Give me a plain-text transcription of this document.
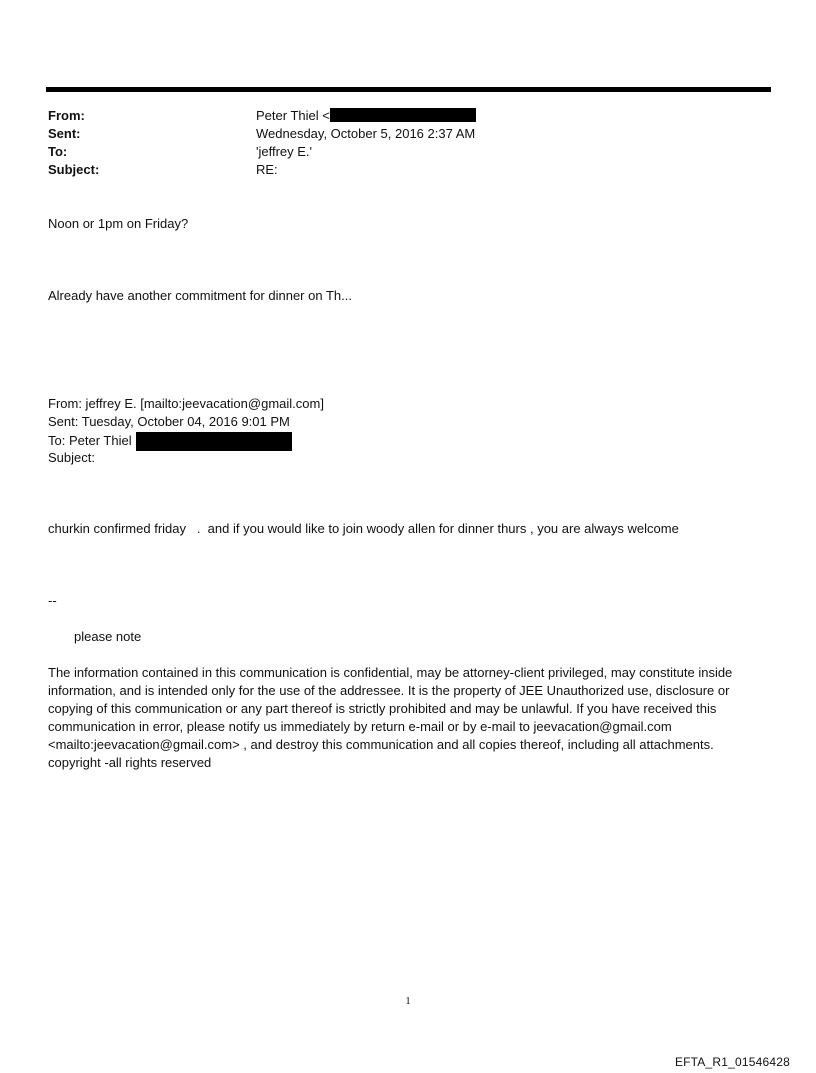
From:	Peter Thiel <
Sent:	Wednesday, October 5, 2016 2:37 AM
To:	'jeffrey E.'
Subject:	RE:
Noon or 1pm on Friday?
Already have another commitment for dinner on Th...
From: jeffrey E. [mailto:jeevacation@gmail.com]
Sent: Tuesday, October 04, 2016 9:01 PM
To: Peter Thiel
Subject:
churkin confirmed friday   .  and if you would like to join woody allen for dinner thurs , you are always welcome
--
please note
The information contained in this communication is confidential, may be attorney-client privileged, may constitute inside information, and is intended only for the use of the addressee. It is the property of JEE Unauthorized use, disclosure or copying of this communication or any part thereof is strictly prohibited and may be unlawful. If you have received this communication in error, please notify us immediately by return e-mail or by e-mail to jeevacation@gmail.com <mailto:jeevacation@gmail.com> , and destroy this communication and all copies thereof, including all attachments. copyright -all rights reserved
1
EFTA_R1_01546428
